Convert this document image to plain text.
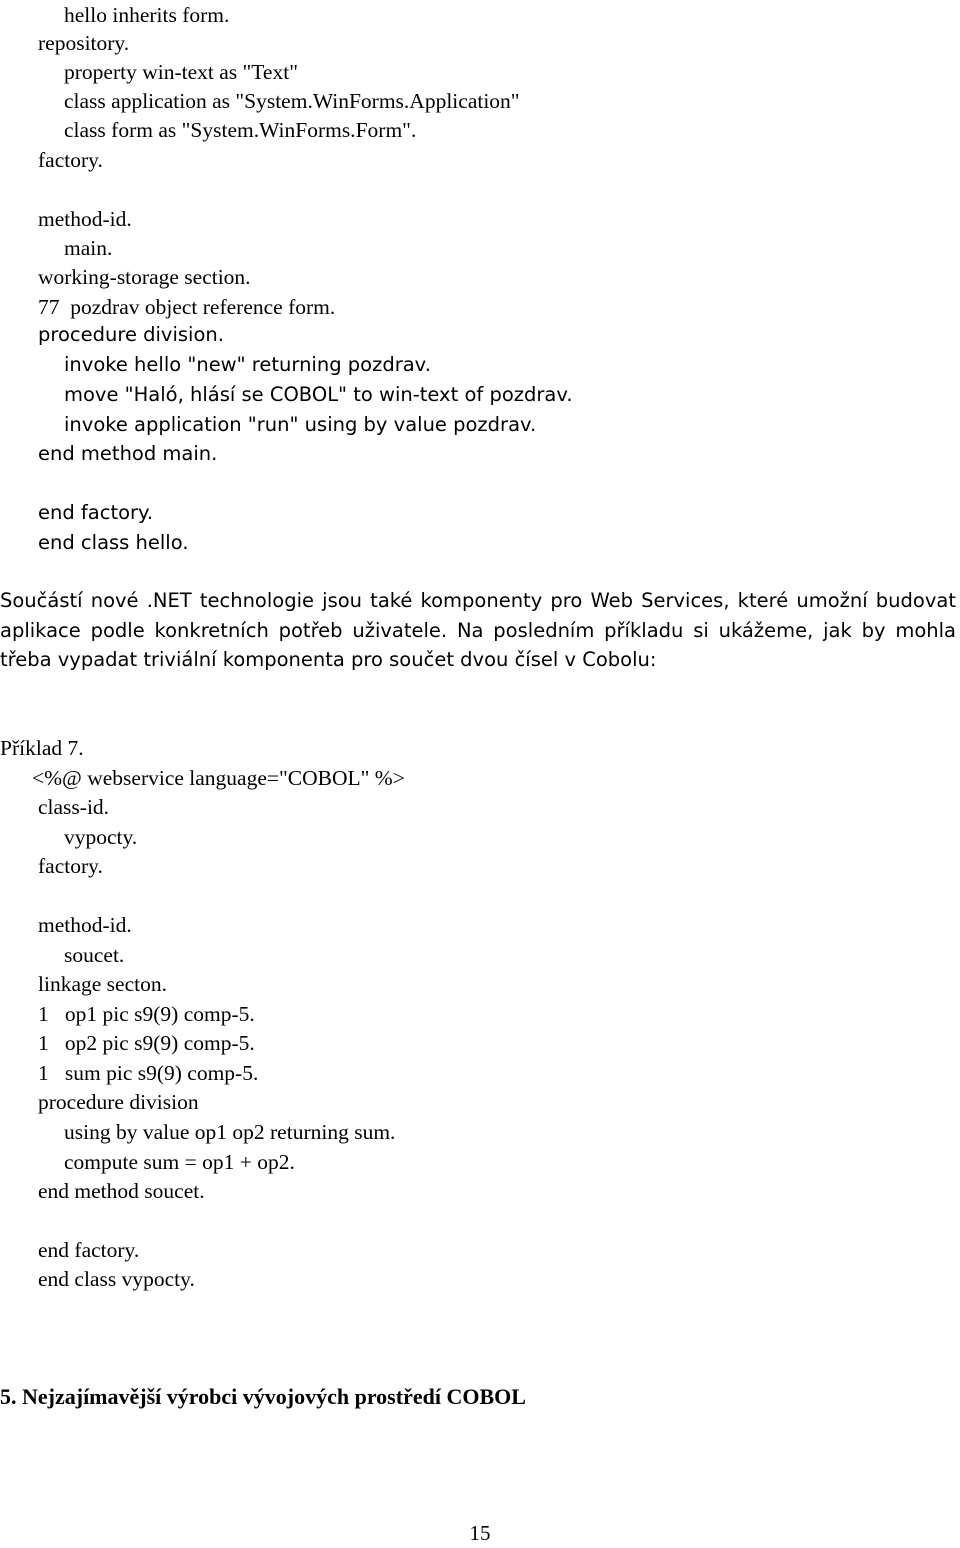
hello inherits form.
repository.
property win-text as "Text"
class application as "System.WinForms.Application"
class form as "System.WinForms.Form".
factory.
method-id.
main.
working-storage section.
77  pozdrav object reference form.
procedure division.
invoke hello "new" returning pozdrav.
move "Haló, hlásí se COBOL" to win-text of pozdrav.
invoke application "run" using by value pozdrav.
end method main.
end factory.
end class hello.
Součástí nové .NET technologie jsou také komponenty pro Web Services, které umožní budovat aplikace podle konkretních potřeb uživatele. Na posledním příkladu si ukážeme, jak by mohla třeba vypadat triviální komponenta pro součet dvou čísel v Cobolu:
Příklad 7.
<%@ webservice language="COBOL" %>
class-id.
vypocty.
factory.
method-id.
soucet.
linkage secton.
1   op1 pic s9(9) comp-5.
1   op2 pic s9(9) comp-5.
1   sum pic s9(9) comp-5.
procedure division
using by value op1 op2 returning sum.
compute sum = op1 + op2.
end method soucet.
end factory.
end class vypocty.
5. Nejzajímavější výrobci vývojových prostředí COBOL
15
